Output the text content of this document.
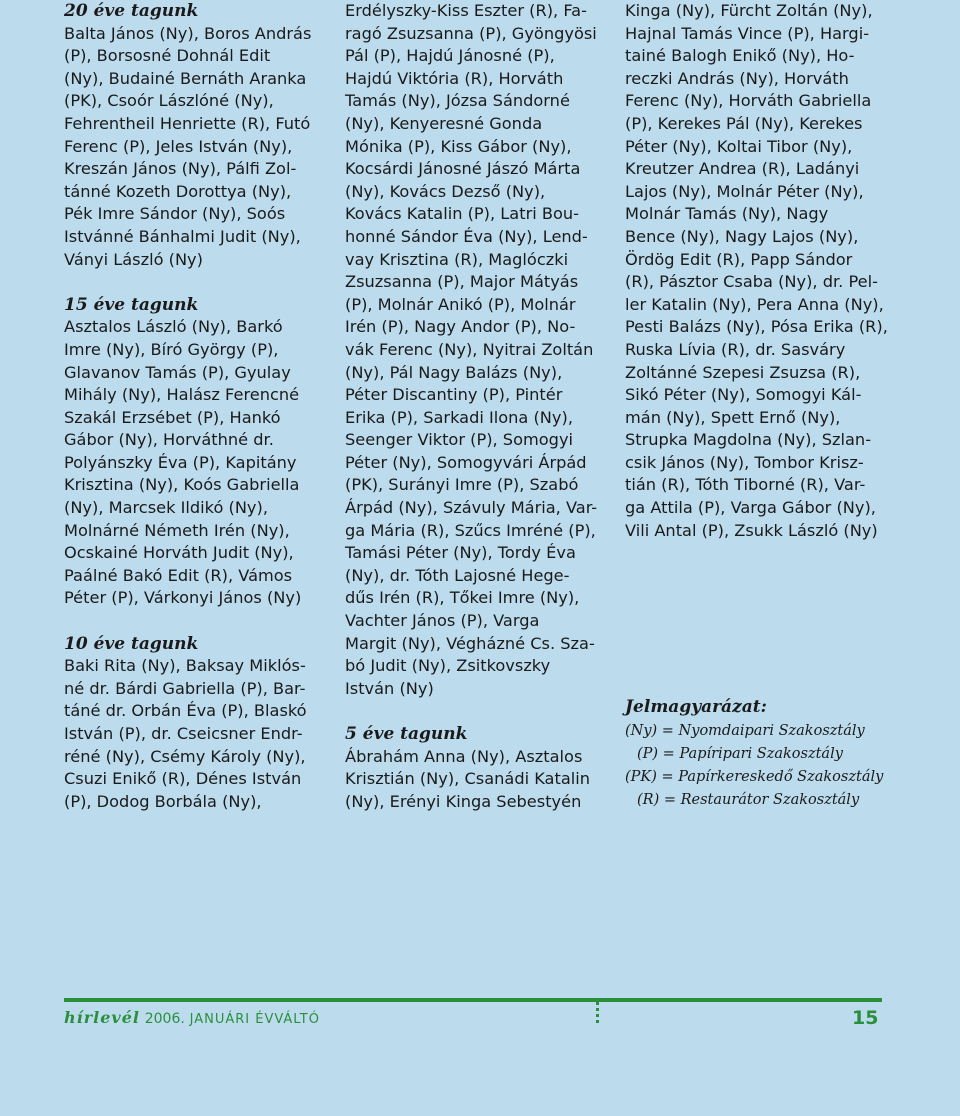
20 éve tagunk
Balta János (Ny), Boros András
(P), Borsosné Dohnál Edit
(Ny), Budainé Bernáth Aranka
(PK), Csoór Lászlóné (Ny),
Fehrentheil Henriette (R), Futó
Ferenc (P), Jeles István (Ny),
Kreszán János (Ny), Pálfi Zol-
tánné Kozeth Dorottya (Ny),
Pék Imre Sándor (Ny), Soós
Istvánné Bánhalmi Judit (Ny),
Ványi László (Ny)
15 éve tagunk
Asztalos László (Ny), Barkó
Imre (Ny), Bíró György (P),
Glavanov Tamás (P), Gyulay
Mihály (Ny), Halász Ferencné
Szakál Erzsébet (P), Hankó
Gábor (Ny), Horváthné dr.
Polyánszky Éva (P), Kapitány
Krisztina (Ny), Koós Gabriella
(Ny), Marcsek Ildikó (Ny),
Molnárné Németh Irén (Ny),
Ocskainé Horváth Judit (Ny),
Paálné Bakó Edit (R), Vámos
Péter (P), Várkonyi János (Ny)
10 éve tagunk
Baki Rita (Ny), Baksay Miklós-
né dr. Bárdi Gabriella (P), Bar-
táné dr. Orbán Éva (P), Blaskó
István (P), dr. Cseicsner Endr-
réné (Ny), Csémy Károly (Ny),
Csuzi Enikő (R), Dénes István
(P), Dodog Borbála (Ny),
Erdélyszky-Kiss Eszter (R), Fa-
ragó Zsuzsanna (P), Gyöngyösi
Pál (P), Hajdú Jánosné (P),
Hajdú Viktória (R), Horváth
Tamás (Ny), Józsa Sándorné
(Ny), Kenyeresné Gonda
Mónika (P), Kiss Gábor (Ny),
Kocsárdi Jánosné Jászó Márta
(Ny), Kovács Dezső (Ny),
Kovács Katalin (P), Latri Bou-
honné Sándor Éva (Ny), Lend-
vay Krisztina (R), Maglóczki
Zsuzsanna (P), Major Mátyás
(P), Molnár Anikó (P), Molnár
Irén (P), Nagy Andor (P), No-
vák Ferenc (Ny), Nyitrai Zoltán
(Ny), Pál Nagy Balázs (Ny),
Péter Discantiny (P), Pintér
Erika (P), Sarkadi Ilona (Ny),
Seenger Viktor (P), Somogyi
Péter (Ny), Somogyvári Árpád
(PK), Surányi Imre (P), Szabó
Árpád (Ny), Szávuly Mária, Var-
ga Mária (R), Szűcs Imréné (P),
Tamási Péter (Ny), Tordy Éva
(Ny), dr. Tóth Lajosné Hege-
dűs Irén (R), Tőkei Imre (Ny),
Vachter János (P), Varga
Margit (Ny), Végházné Cs. Sza-
bó Judit (Ny), Zsitkovszky
István (Ny)
5 éve tagunk
Ábrahám Anna (Ny), Asztalos
Krisztián (Ny), Csanádi Katalin
(Ny), Erényi Kinga Sebestyén
Kinga (Ny), Fürcht Zoltán (Ny),
Hajnal Tamás Vince (P), Hargi-
tainé Balogh Enikő (Ny), Ho-
reczki András (Ny), Horváth
Ferenc (Ny), Horváth Gabriella
(P), Kerekes Pál (Ny), Kerekes
Péter (Ny), Koltai Tibor (Ny),
Kreutzer Andrea (R), Ladányi
Lajos (Ny), Molnár Péter (Ny),
Molnár Tamás (Ny), Nagy
Bence (Ny), Nagy Lajos (Ny),
Ördög Edit (R), Papp Sándor
(R), Pásztor Csaba (Ny), dr. Pel-
ler Katalin (Ny), Pera Anna (Ny),
Pesti Balázs (Ny), Pósa Erika (R),
Ruska Lívia (R), dr. Sasváry
Zoltánné Szepesi Zsuzsa (R),
Sikó Péter (Ny), Somogyi Kál-
mán (Ny), Spett Ernő (Ny),
Strupka Magdolna (Ny), Szlan-
csik János (Ny), Tombor Krisz-
tián (R), Tóth Tiborné (R), Var-
ga Attila (P), Varga Gábor (Ny),
Vili Antal (P), Zsukk László (Ny)
Jelmagyarázat:
(Ny) = Nyomdaipari Szakosztály
(P) = Papíripari Szakosztály
(PK) = Papírkereskedő Szakosztály
(R) = Restaurátor Szakosztály
hírlevél 2006. JANUÁRI ÉVVÁLTÓ	15
